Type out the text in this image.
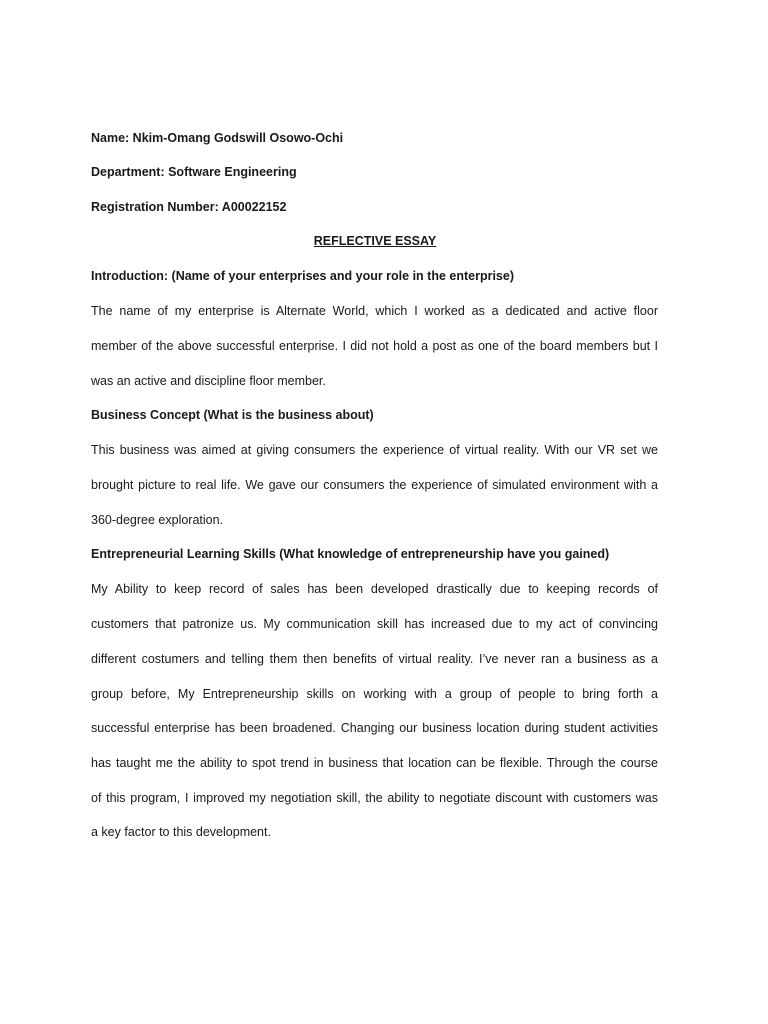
Name: Nkim-Omang Godswill Osowo-Ochi
Department: Software Engineering
Registration Number: A00022152
REFLECTIVE ESSAY
Introduction: (Name of your enterprises and your role in the enterprise)
The name of my enterprise is Alternate World, which I worked as a dedicated and active floor
member of the above successful enterprise. I did not hold a post as one of the board members but I
was an active and discipline floor member.
Business Concept (What is the business about)
This business was aimed at giving consumers the experience of virtual reality. With our VR set we
brought picture to real life. We gave our consumers the experience of simulated environment with a
360-degree exploration.
Entrepreneurial Learning Skills (What knowledge of entrepreneurship have you gained)
My Ability to keep record of sales has been developed drastically due to keeping records of
customers that patronize us. My communication skill has increased due to my act of convincing
different costumers and telling them then benefits of virtual reality. I’ve never ran a business as a
group before, My Entrepreneurship skills on working with a group of people to bring forth a
successful enterprise has been broadened. Changing our business location during student activities
has taught me the ability to spot trend in business that location can be flexible. Through the course
of this program, I improved my negotiation skill, the ability to negotiate discount with customers was
a key factor to this development.
